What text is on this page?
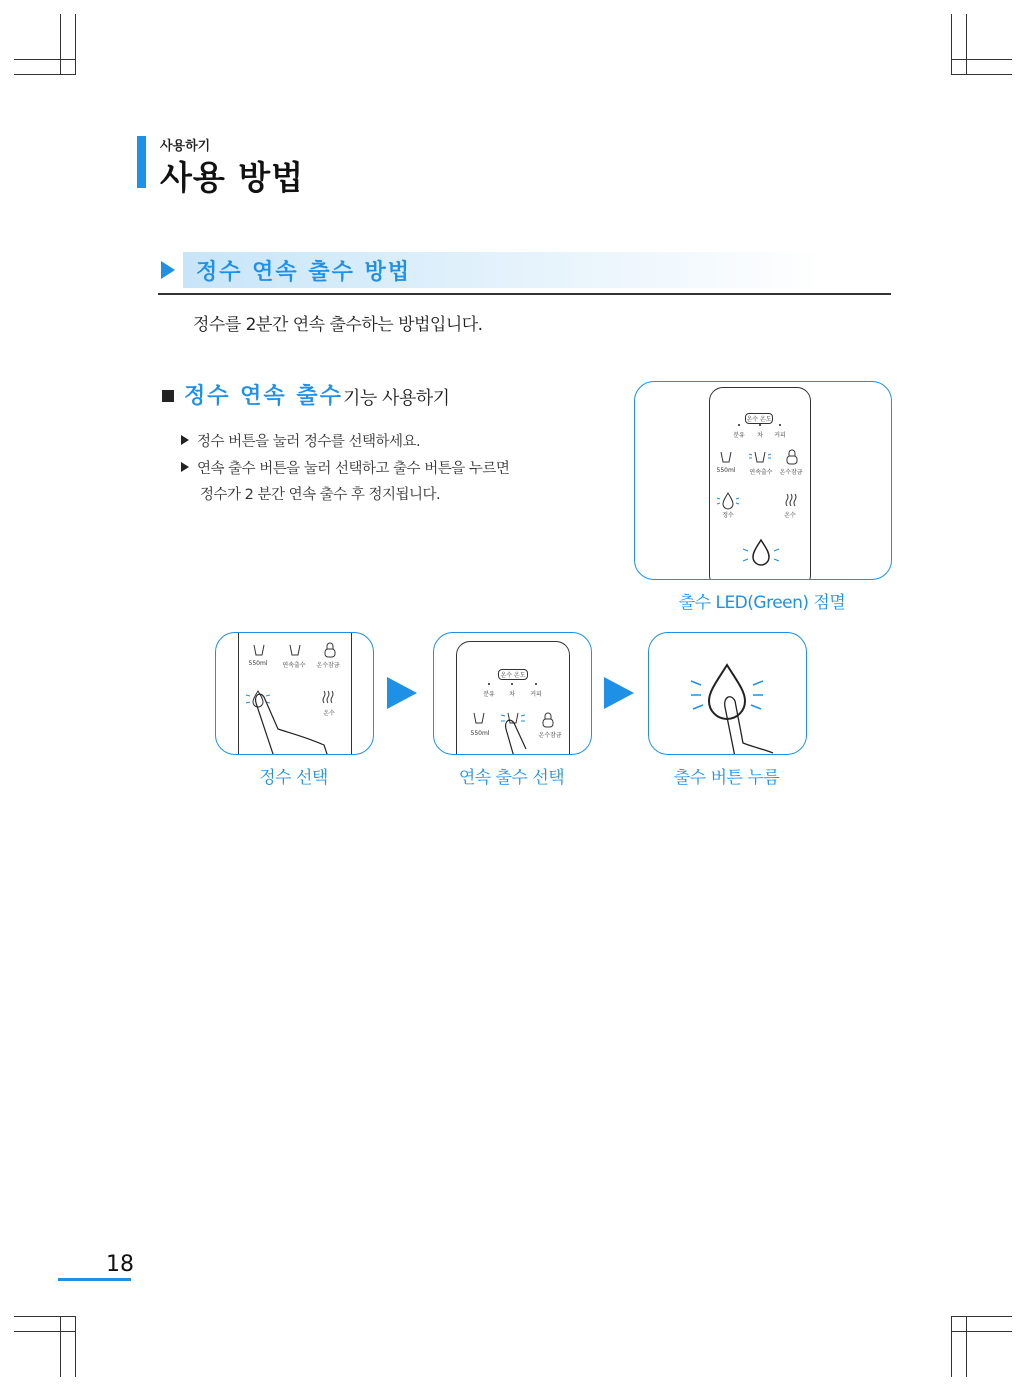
사용하기
사용 방법
정수 연속 출수 방법
정수를 2분간 연속 출수하는 방법입니다.
정수 연속 출수 기능 사용하기
정수 버튼을 눌러 정수를 선택하세요.
연속 출수 버튼을 눌러 선택하고 출수 버튼을 누르면
정수가 2 분간 연속 출수 후 정지됩니다.
온수 온도
분유	차	커피
550ml	연속출수	온수잠금
정수	온수
출수 LED(Green) 점멸
550ml	연속출수	온수잠금
온수
정수 선택
온수 온도
분유	차	커피
550ml	온수잠금
연속 출수 선택	출수 버튼 누름
18
